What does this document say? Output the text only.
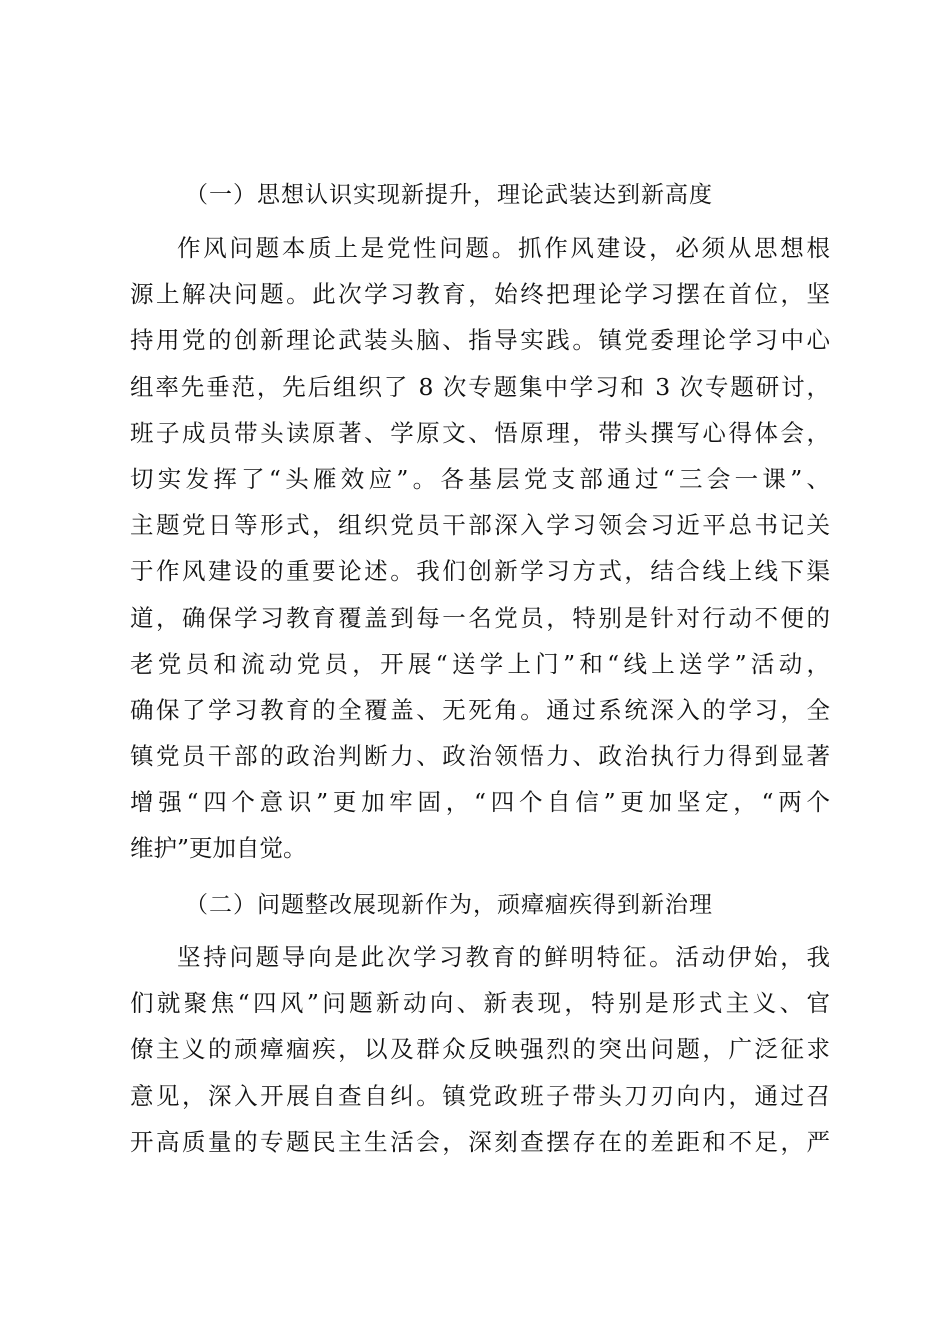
（一）思想认识实现新提升，理论武装达到新高度
作风问题本质上是党性问题。抓作风建设，必须从思想根
源上解决问题。此次学习教育，始终把理论学习摆在首位，坚
持用党的创新理论武装头脑、指导实践。镇党委理论学习中心
组率先垂范，先后组织了 8 次专题集中学习和 3 次专题研讨，
班子成员带头读原著、学原文、悟原理，带头撰写心得体会，
切实发挥了“头雁效应”。各基层党支部通过“三会一课”、
主题党日等形式，组织党员干部深入学习领会习近平总书记关
于作风建设的重要论述。我们创新学习方式，结合线上线下渠
道，确保学习教育覆盖到每一名党员，特别是针对行动不便的
老党员和流动党员，开展“送学上门”和“线上送学”活动，
确保了学习教育的全覆盖、无死角。通过系统深入的学习，全
镇党员干部的政治判断力、政治领悟力、政治执行力得到显著
增强“四个意识”更加牢固，“四个自信”更加坚定，“两个
维护”更加自觉。
（二）问题整改展现新作为，顽瘴痼疾得到新治理
坚持问题导向是此次学习教育的鲜明特征。活动伊始，我
们就聚焦“四风”问题新动向、新表现，特别是形式主义、官
僚主义的顽瘴痼疾，以及群众反映强烈的突出问题，广泛征求
意见，深入开展自查自纠。镇党政班子带头刀刃向内，通过召
开高质量的专题民主生活会，深刻查摆存在的差距和不足，严
